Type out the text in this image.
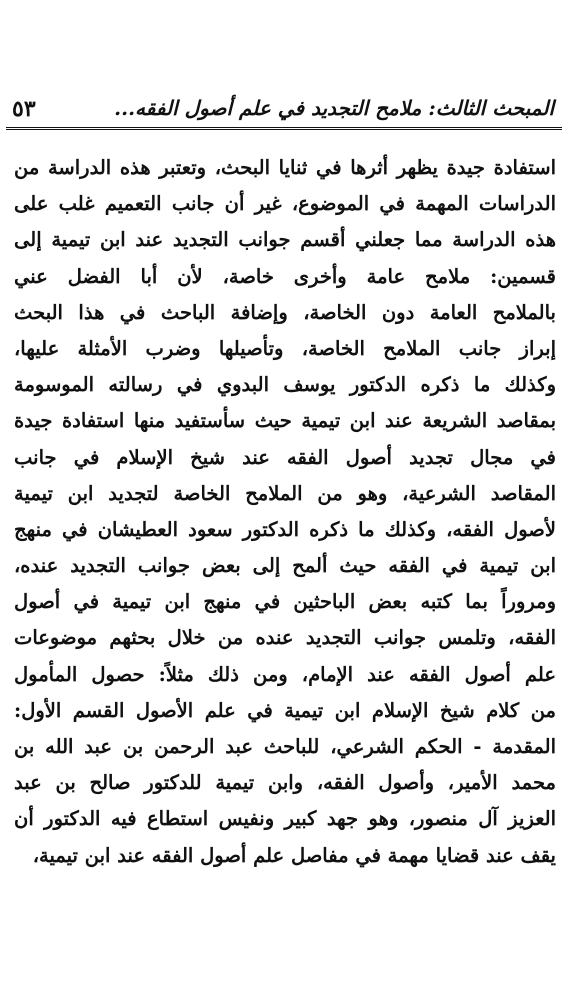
المبحث الثالث: ملامح التجديد في علم أصول الفقه...
٥٣
استفادة جيدة يظهر أثرها في ثنايا البحث، وتعتبر هذه الدراسة من
الدراسات المهمة في الموضوع، غير أن جانب التعميم غلب على
هذه الدراسة مما جعلني أقسم جوانب التجديد عند ابن تيمية إلى
قسمين: ملامح عامة وأخرى خاصة، لأن أبا الفضل عني
بالملامح العامة دون الخاصة، وإضافة الباحث في هذا البحث
إبراز جانب الملامح الخاصة، وتأصيلها وضرب الأمثلة عليها،
وكذلك ما ذكره الدكتور يوسف البدوي في رسالته الموسومة
بمقاصد الشريعة عند ابن تيمية حيث سأستفيد منها استفادة جيدة
في مجال تجديد أصول الفقه عند شيخ الإسلام في جانب
المقاصد الشرعية، وهو من الملامح الخاصة لتجديد ابن تيمية
لأصول الفقه، وكذلك ما ذكره الدكتور سعود العطيشان في منهج
ابن تيمية في الفقه حيث ألمح إلى بعض جوانب التجديد عنده،
ومروراً بما كتبه بعض الباحثين في منهج ابن تيمية في أصول
الفقه، وتلمس جوانب التجديد عنده من خلال بحثهم موضوعات
علم أصول الفقه عند الإمام، ومن ذلك مثلاً: حصول المأمول
من كلام شيخ الإسلام ابن تيمية في علم الأصول القسم الأول:
المقدمة - الحكم الشرعي، للباحث عبد الرحمن بن عبد الله بن
محمد الأمير، وأصول الفقه، وابن تيمية للدكتور صالح بن عبد
العزيز آل منصور، وهو جهد كبير ونفيس استطاع فيه الدكتور أن
يقف عند قضايا مهمة في مفاصل علم أصول الفقه عند ابن تيمية،
